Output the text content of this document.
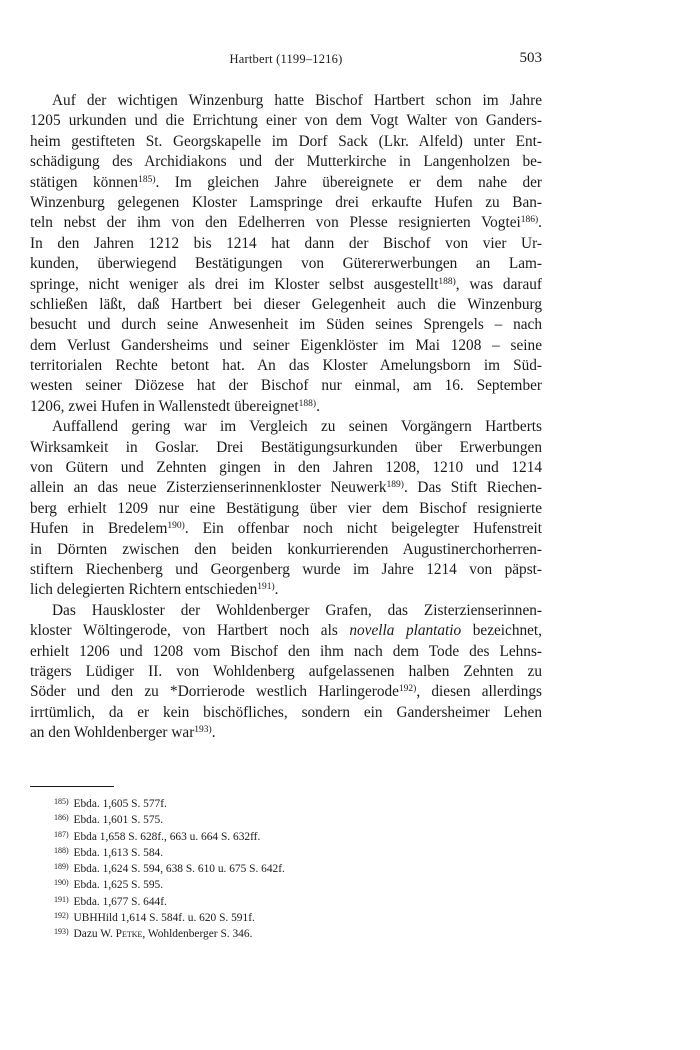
Hartbert (1199–1216)	503
Auf der wichtigen Winzenburg hatte Bischof Hartbert schon im Jahre
1205 urkunden und die Errichtung einer von dem Vogt Walter von Ganders-
heim gestifteten St. Georgskapelle im Dorf Sack (Lkr. Alfeld) unter Ent-
schädigung des Archidiakons und der Mutterkirche in Langenholzen be-
stätigen können$^{185)}$. Im gleichen Jahre übereignete er dem nahe der
Winzenburg gelegenen Kloster Lamspringe drei erkaufte Hufen zu Ban-
teln nebst der ihm von den Edelherren von Plesse resignierten Vogtei$^{186)}$.
In den Jahren 1212 bis 1214 hat dann der Bischof von vier Ur-
kunden, überwiegend Bestätigungen von Gütererwerbungen an Lam-
springe, nicht weniger als drei im Kloster selbst ausgestellt$^{188)}$, was darauf
schließen läßt, daß Hartbert bei dieser Gelegenheit auch die Winzenburg
besucht und durch seine Anwesenheit im Süden seines Sprengels – nach
dem Verlust Gandersheims und seiner Eigenklöster im Mai 1208 – seine
territorialen Rechte betont hat. An das Kloster Amelungsborn im Süd-
westen seiner Diözese hat der Bischof nur einmal, am 16. September
1206, zwei Hufen in Wallenstedt übereignet$^{188)}$.
Auffallend gering war im Vergleich zu seinen Vorgängern Hartberts
Wirksamkeit in Goslar. Drei Bestätigungsurkunden über Erwerbungen
von Gütern und Zehnten gingen in den Jahren 1208, 1210 und 1214
allein an das neue Zisterzienserinnenkloster Neuwerk$^{189)}$. Das Stift Riechen-
berg erhielt 1209 nur eine Bestätigung über vier dem Bischof resignierte
Hufen in Bredelem$^{190)}$. Ein offenbar noch nicht beigelegter Hufenstreit
in Dörnten zwischen den beiden konkurrierenden Augustinerchorherren-
stiftern Riechenberg und Georgenberg wurde im Jahre 1214 von päpst-
lich delegierten Richtern entschieden$^{191)}$.
Das Hauskloster der Wohldenberger Grafen, das Zisterzienserinnen-
kloster Wöltingerode, von Hartbert noch als novella plantatio bezeichnet,
erhielt 1206 und 1208 vom Bischof den ihm nach dem Tode des Lehns-
trägers Lüdiger II. von Wohldenberg aufgelassenen halben Zehnten zu
Söder und den zu *Dorrierode westlich Harlingerode$^{192)}$, diesen allerdings
irrtümlich, da er kein bischöfliches, sondern ein Gandersheimer Lehen
an den Wohldenberger war$^{193)}$.
$^{185)}$ Ebda. 1,605 S. 577f.
$^{186)}$ Ebda. 1,601 S. 575.
$^{187)}$ Ebda 1,658 S. 628f., 663 u. 664 S. 632ff.
$^{188)}$ Ebda. 1,613 S. 584.
$^{189)}$ Ebda. 1,624 S. 594, 638 S. 610 u. 675 S. 642f.
$^{190)}$ Ebda. 1,625 S. 595.
$^{191)}$ Ebda. 1,677 S. 644f.
$^{192)}$ UBHHild 1,614 S. 584f. u. 620 S. 591f.
$^{193)}$ Dazu W. Petke, Wohldenberger S. 346.
